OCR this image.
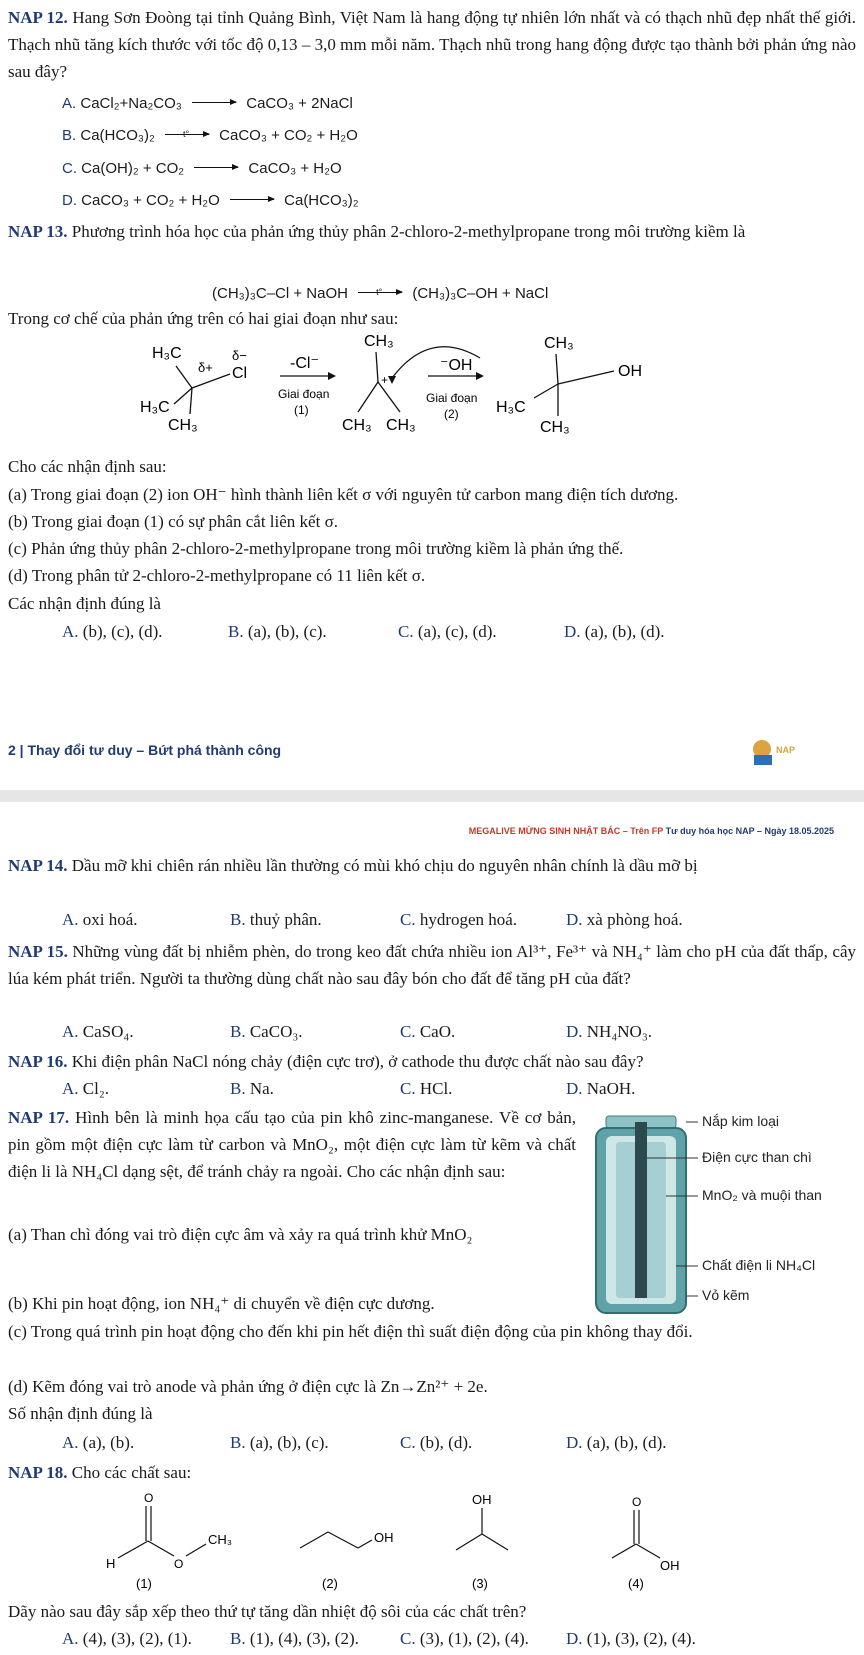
NAP 12. Hang Sơn Đoòng tại tỉnh Quảng Bình, Việt Nam là hang động tự nhiên lớn nhất và có thạch nhũ đẹp nhất thế giới. Thạch nhũ tăng kích thước với tốc độ 0,13 – 3,0 mm mỗi năm. Thạch nhũ trong hang động được tạo thành bởi phản ứng nào sau đây?
A. CaCl₂+Na₂CO₃ → CaCO₃ + 2NaCl
B. Ca(HCO₃)₂	t° CaCO₃ + CO₂ + H₂O
C. Ca(OH)₂ + CO₂ → CaCO₃ + H₂O
D. CaCO₃ + CO₂ + H₂O → Ca(HCO₃)₂
NAP 13. Phương trình hóa học của phản ứng thủy phân 2-chloro-2-methylpropane trong môi trường kiềm là
(CH₃)₃C–Cl + NaOH	t° (CH₃)₃C–OH + NaCl
Trong cơ chế của phản ứng trên có hai giai đoạn như sau:
H₃C
δ+
δ−
Cl
H₃C
CH₃
-Cl⁻
Giai đoạn
(1)
CH₃
+
CH₃ CH₃
⁻OH
Giai đoạn
(2)
CH₃
OH
H₃C
CH₃
Cho các nhận định sau:
(a) Trong giai đoạn (2) ion OH⁻ hình thành liên kết σ với nguyên tử carbon mang điện tích dương.
(b) Trong giai đoạn (1) có sự phân cắt liên kết σ.
(c) Phản ứng thủy phân 2-chloro-2-methylpropane trong môi trường kiềm là phản ứng thế.
(d) Trong phân tử 2-chloro-2-methylpropane có 11 liên kết σ.
Các nhận định đúng là
A. (b), (c), (d).	B. (a), (b), (c).	C. (a), (c), (d).	D. (a), (b), (d).
2 | Thay đổi tư duy – Bứt phá thành công	NAP
MEGALIVE MỪNG SINH NHẬT BÁC – Trên FP Tư duy hóa học NAP – Ngày 18.05.2025
NAP 14. Dầu mỡ khi chiên rán nhiều lần thường có mùi khó chịu do nguyên nhân chính là dầu mỡ bị
A. oxi hoá.	B. thuỷ phân.	C. hydrogen hoá.	D. xà phòng hoá.
NAP 15. Những vùng đất bị nhiễm phèn, do trong keo đất chứa nhiều ion Al³⁺, Fe³⁺ và NH₄⁺ làm cho pH của đất thấp, cây lúa kém phát triển. Người ta thường dùng chất nào sau đây bón cho đất để tăng pH của đất?
A. CaSO₄.	B. CaCO₃.	C. CaO.	D. NH₄NO₃.
NAP 16. Khi điện phân NaCl nóng chảy (điện cực trơ), ở cathode thu được chất nào sau đây?
A. Cl₂.	B. Na.	C. HCl.	D. NaOH.
NAP 17. Hình bên là minh họa cấu tạo của pin khô zinc-manganese. Về cơ bản, pin gồm một điện cực làm từ carbon và MnO₂, một điện cực làm từ kẽm và chất điện li là NH₄Cl dạng sệt, để tránh chảy ra ngoài. Cho các nhận định sau:
(a) Than chì đóng vai trò điện cực âm và xảy ra quá trình khử MnO₂
Nắp kim loại
Điện cực than chì
MnO₂ và muội than
Chất điện li NH₄Cl
Vỏ kẽm
(b) Khi pin hoạt động, ion NH₄⁺ di chuyển về điện cực dương.
(c) Trong quá trình pin hoạt động cho đến khi pin hết điện thì suất điện động của pin không thay đổi.
(d) Kẽm đóng vai trò anode và phản ứng ở điện cực là Zn→Zn²⁺ + 2e.
Số nhận định đúng là
A. (a), (b).	B. (a), (b), (c).	C. (b), (d).	D. (a), (b), (d).
NAP 18. Cho các chất sau:
O
H	O
CH₃
(1)
OH
(2)
OH
(3)
O
OH
(4)
Dãy nào sau đây sắp xếp theo thứ tự tăng dần nhiệt độ sôi của các chất trên?
A. (4), (3), (2), (1). B. (1), (4), (3), (2). C. (3), (1), (2), (4). D. (1), (3), (2), (4).
